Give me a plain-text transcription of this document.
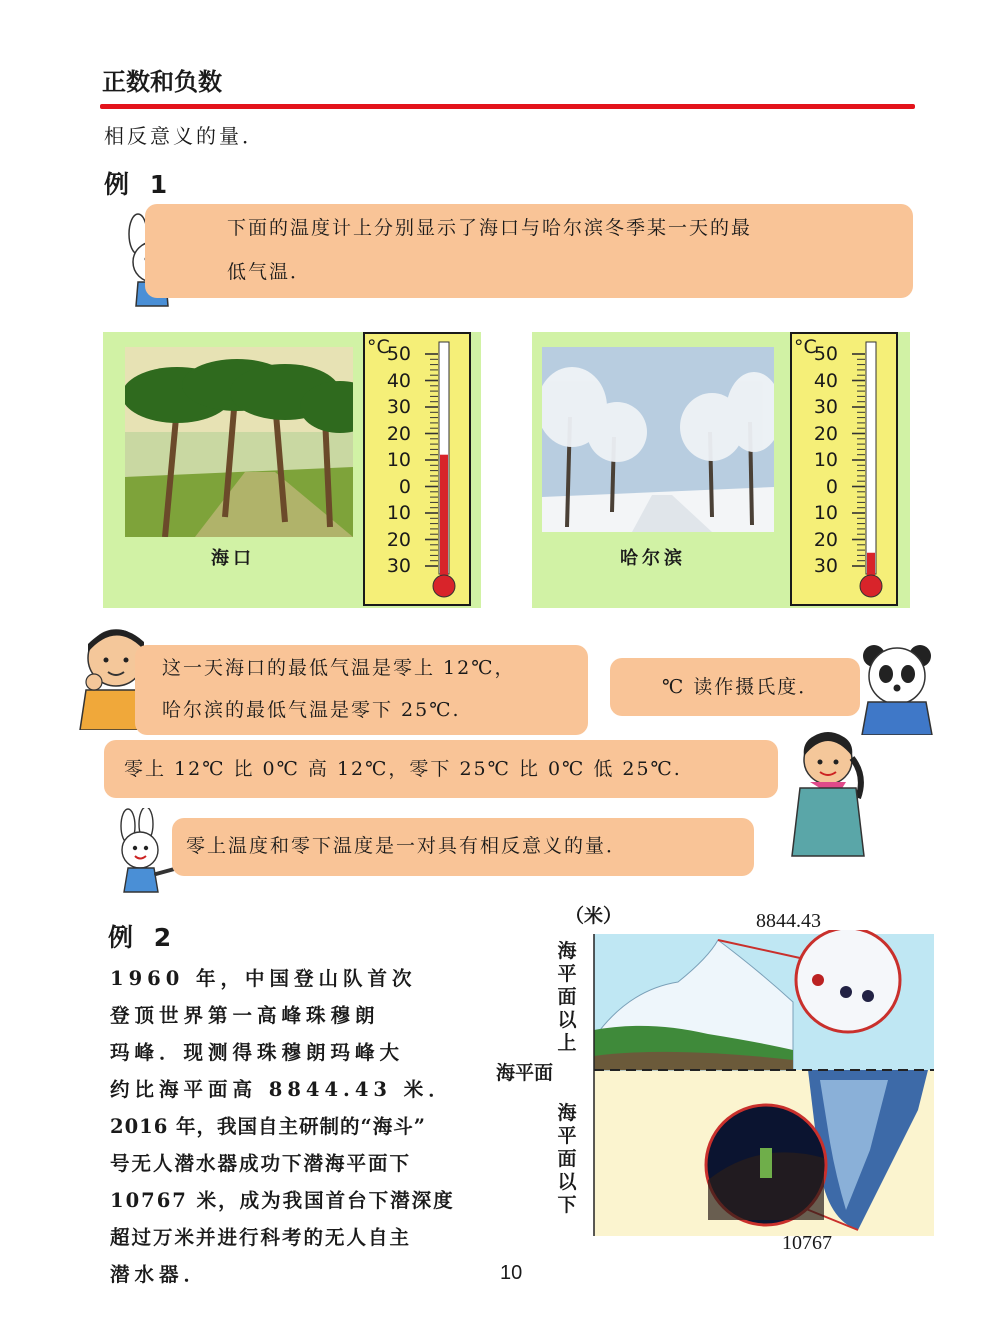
正数和负数
相反意义的量．
例 1
下面的温度计上分别显示了海口与哈尔滨冬季某一天的最
低气温．
海口
°C
50
40
30
20
10
0
10
20
30	哈尔滨
°C
50
40
30
20
10
0
10
20
30
这一天海口的最低气温是零上 12℃，
哈尔滨的最低气温是零下 25℃.
℃ 读作摄氏度．
零上 12℃ 比 0℃ 高 12℃，零下 25℃ 比 0℃ 低 25℃.
零上温度和零下温度是一对具有相反意义的量．
例 2
1960 年，中国登山队首次
登顶世界第一高峰珠穆朗
玛峰．现测得珠穆朗玛峰大
约比海平面高 8844.43 米．
2016 年，我国自主研制的“海斗”
号无人潜水器成功下潜海平面下
10767 米，成为我国首台下潜深度
超过万米并进行科考的无人自主
潜水器．
（米）	8844.43
海平面以上
海平面
海平面以下
10767
10
